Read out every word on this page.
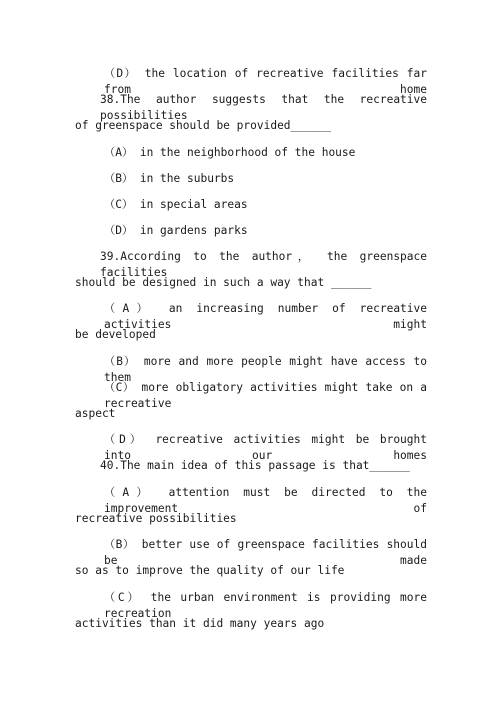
（D） the location of recreative facilities far from home
38.The author suggests that the recreative possibilities
of greenspace should be provided______
（A） in the neighborhood of the house
（B） in the suburbs
（C） in special areas
（D） in gardens parks
39.According to the author， the greenspace facilities
should be designed in such a way that ______
（A） an increasing number of recreative activities might
be developed
（B） more and more people might have access to them
（C） more obligatory activities might take on a recreative
aspect
（D） recreative activities might be brought into our homes
40.The main idea of this passage is that______
（A） attention must be directed to the improvement of
recreative possibilities
（B） better use of greenspace facilities should be made
so as to improve the quality of our life
（C） the urban environment is providing more recreation
activities than it did many years ago
